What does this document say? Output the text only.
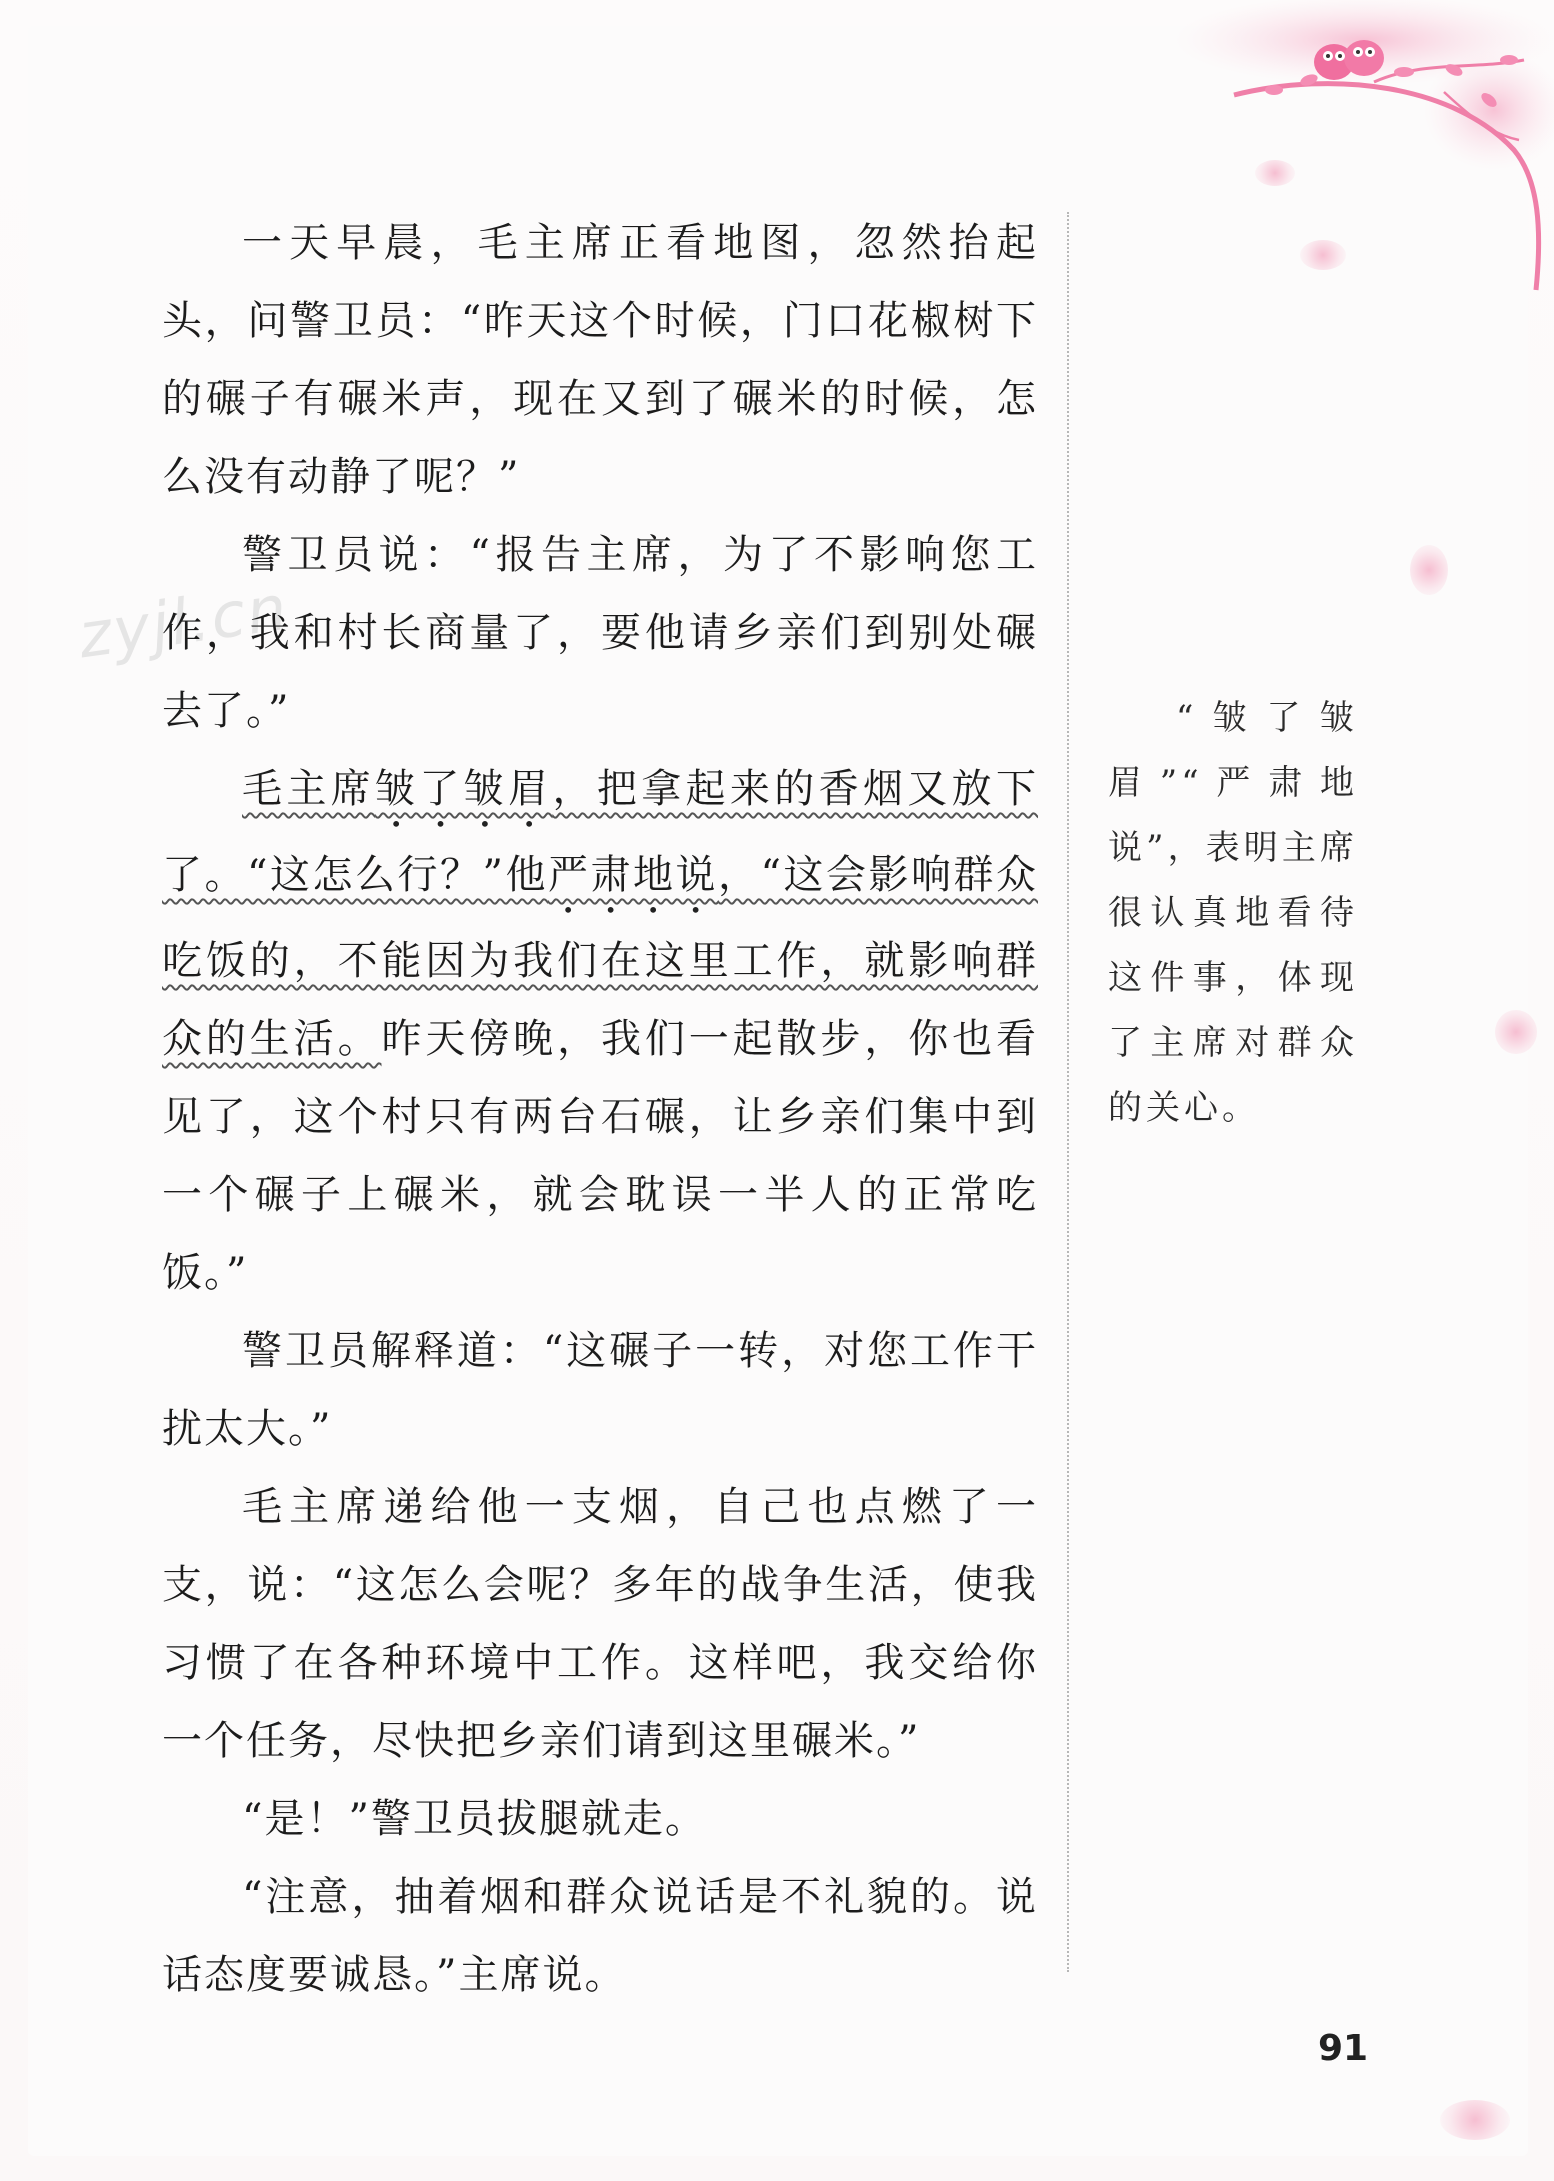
zyjl.cn

一天早晨，毛主席正看地图，忽然抬起头，问警卫员：“昨天这个时候，门口花椒树下的碾子有碾米声，现在又到了碾米的时候，怎么没有动静了呢？”

警卫员说：“报告主席，为了不影响您工作，我和村长商量了，要他请乡亲们到别处碾去了。”

毛主席皱了皱眉，把拿起来的香烟又放下了。“这怎么行？”他严肃地说，“这会影响群众吃饭的，不能因为我们在这里工作，就影响群众的生活。昨天傍晚，我们一起散步，你也看见了，这个村只有两台石碾，让乡亲们集中到一个碾子上碾米，就会耽误一半人的正常吃饭。”

警卫员解释道：“这碾子一转，对您工作干扰太大。”

毛主席递给他一支烟，自己也点燃了一支，说：“这怎么会呢？多年的战争生活，使我习惯了在各种环境中工作。这样吧，我交给你一个任务，尽快把乡亲们请到这里碾米。”

“是！”警卫员拔腿就走。

“注意，抽着烟和群众说话是不礼貌的。说话态度要诚恳。”主席说。

“皱了皱眉”“严肃地说”，表明主席很认真地看待这件事，体现了主席对群众的关心。
91
